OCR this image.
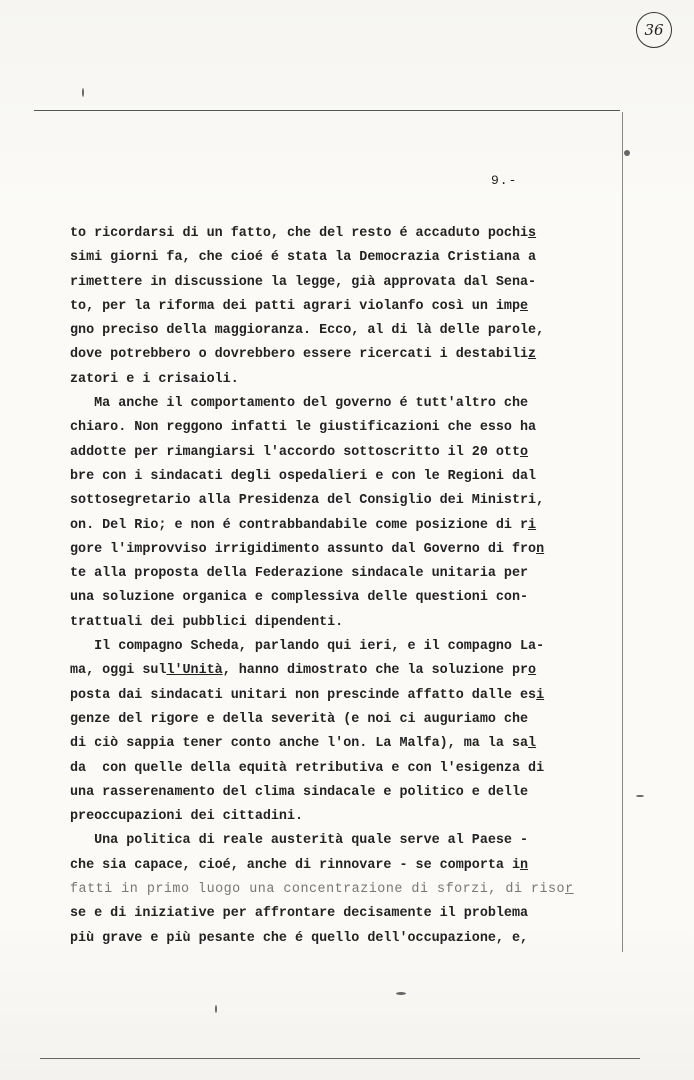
36
9.-
to ricordarsi di un fatto, che del resto é accaduto pochis
simi giorni fa, che cioé é stata la Democrazia Cristiana a
rimettere in discussione la legge, già approvata dal Sena-
to, per la riforma dei patti agrari violanfo così un impe
gno preciso della maggioranza. Ecco, al di là delle parole,
dove potrebbero o dovrebbero essere ricercati i destabiliz
zatori e i crisaioli.
Ma anche il comportamento del governo é tutt'altro che
chiaro. Non reggono infatti le giustificazioni che esso ha
addotte per rimangiarsi l'accordo sottoscritto il 20 otto
bre con i sindacati degli ospedalieri e con le Regioni dal
sottosegretario alla Presidenza del Consiglio dei Ministri,
on. Del Rio; e non é contrabbandabile come posizione di ri
gore l'improvviso irrigidimento assunto dal Governo di fron
te alla proposta della Federazione sindacale unitaria per
una soluzione organica e complessiva delle questioni con-
trattuali dei pubblici dipendenti.
Il compagno Scheda, parlando qui ieri, e il compagno La-
ma, oggi sull'Unità, hanno dimostrato che la soluzione pro
posta dai sindacati unitari non prescinde affatto dalle esi
genze del rigore e della severità (e noi ci auguriamo che
di ciò sappia tener conto anche l'on. La Malfa), ma la sal
da  con quelle della equità retributiva e con l'esigenza di
una rasserenamento del clima sindacale e politico e delle
preoccupazioni dei cittadini.
Una politica di reale austerità quale serve al Paese -
che sia capace, cioé, anche di rinnovare - se comporta in
fatti in primo luogo una concentrazione di sforzi, di risor
se e di iniziative per affrontare decisamente il problema
più grave e più pesante che é quello dell'occupazione, e,
